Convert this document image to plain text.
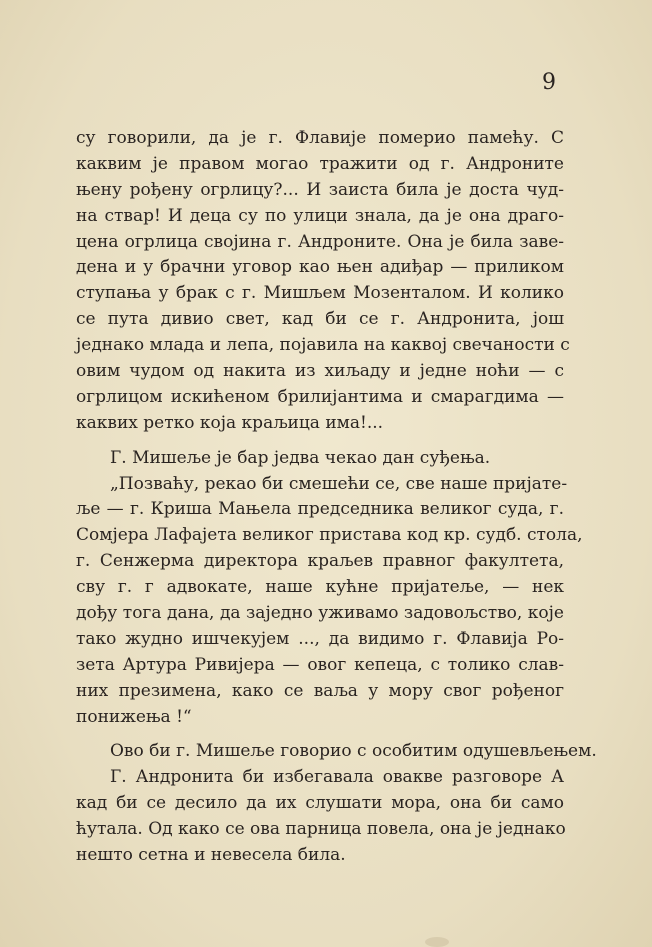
9
су говорили, да је г. Флавије померио памећу. С
каквим је правом могао тражити од г. Андроните
њену рођену огрлицу?... И заиста била је доста чуд-
на ствар! И деца су по улици знала, да је она драго-
цена огрлица својина г. Андроните. Она је била заве-
дена и у брачни уговор као њен адиђар — приликом
ступања у брак с г. Мишљем Мозенталом. И колико
се пута дивио свет, кад би се г. Андронита, још
једнако млада и лепа, појавила на каквој свечаности с
овим чудом од накита из хиљаду и једне ноћи — с
огрлицом искићеном брилијантима и смарагдима —
каквих ретко која краљица има!...
Г. Мишеље је бар једва чекао дан суђења.
„Позваћу, рекао би смешећи се, све наше пријате-
ље — г. Криша Мањела председника великог суда, г.
Сомјера Лафајета великог пристава код кр. судб. стола,
г. Сенжерма директора краљев правног факултета,
сву г. г адвокате, наше кућне пријатеље, — нек
дођу тога дана, да заједно уживамо задовољство, које
тако жудно ишчекујем ..., да видимо г. Флавија Ро-
зета Артура Ривијера — овог кепеца, с толико слав-
них презимена, како се ваља у мору свог рођеног
понижења !“
Ово би г. Мишеље говорио с особитим одушевљењем.
Г. Андронита би избегавала овакве разговоре А
кад би се десило да их слушати мора, она би само
ћутала. Од како се ова парница повела, она је једнако
нешто сетна и невесела била.
